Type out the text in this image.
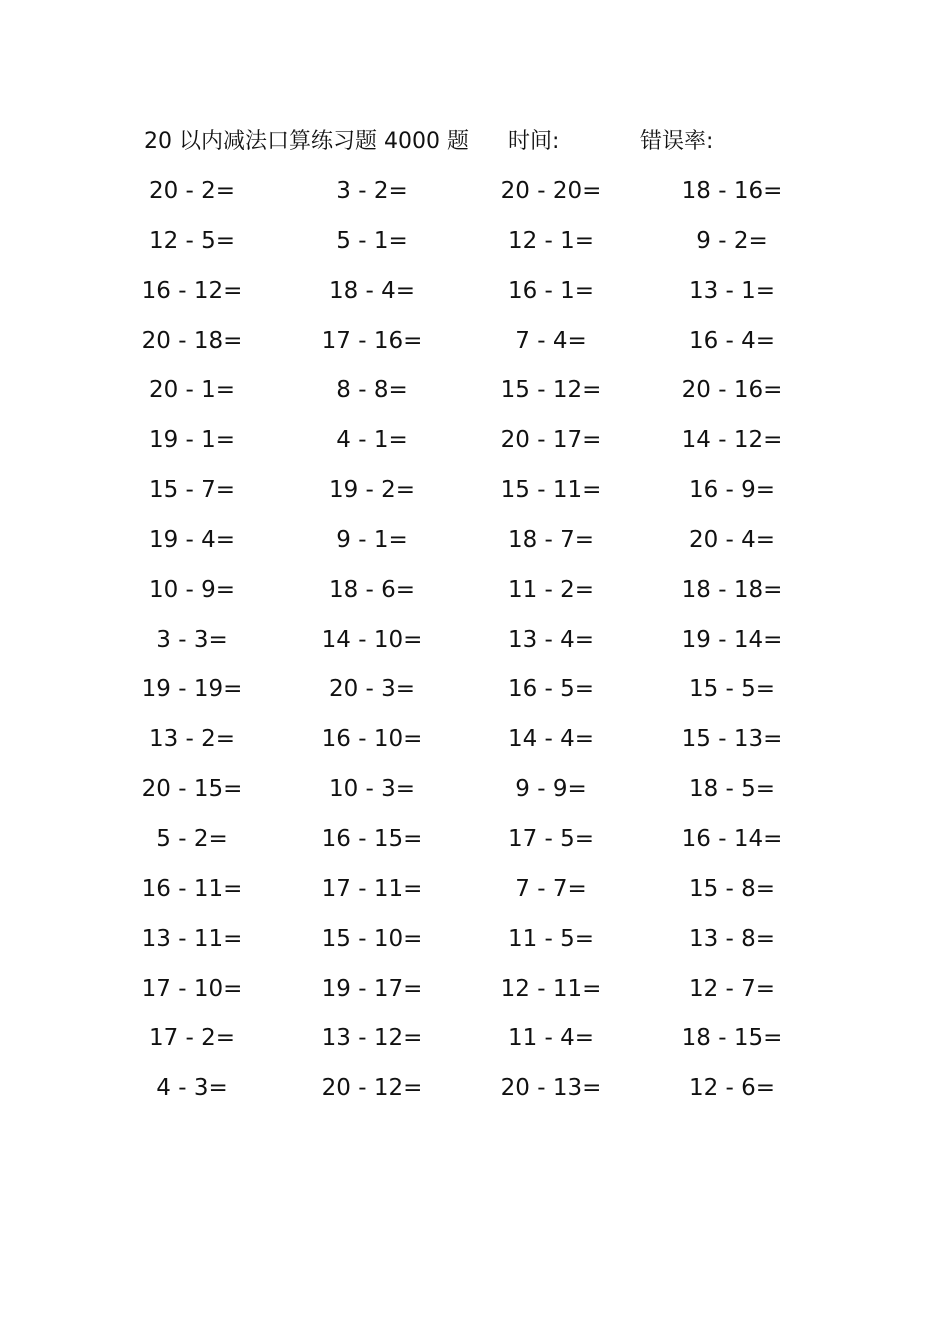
20 以内减法口算练习题 4000 题 时间:	错误率:
20 - 2=	3 - 2=	20 - 20=	18 - 16=
12 - 5=	5 - 1=	12 - 1=	9 - 2=
16 - 12=	18 - 4=	16 - 1=	13 - 1=
20 - 18=	17 - 16=	7 - 4=	16 - 4=
20 - 1=	8 - 8=	15 - 12=	20 - 16=
19 - 1=	4 - 1=	20 - 17=	14 - 12=
15 - 7=	19 - 2=	15 - 11=	16 - 9=
19 - 4=	9 - 1=	18 - 7=	20 - 4=
10 - 9=	18 - 6=	11 - 2=	18 - 18=
3 - 3=	14 - 10=	13 - 4=	19 - 14=
19 - 19=	20 - 3=	16 - 5=	15 - 5=
13 - 2=	16 - 10=	14 - 4=	15 - 13=
20 - 15=	10 - 3=	9 - 9=	18 - 5=
5 - 2=	16 - 15=	17 - 5=	16 - 14=
16 - 11=	17 - 11=	7 - 7=	15 - 8=
13 - 11=	15 - 10=	11 - 5=	13 - 8=
17 - 10=	19 - 17=	12 - 11=	12 - 7=
17 - 2=	13 - 12=	11 - 4=	18 - 15=
4 - 3=	20 - 12=	20 - 13=	12 - 6=
